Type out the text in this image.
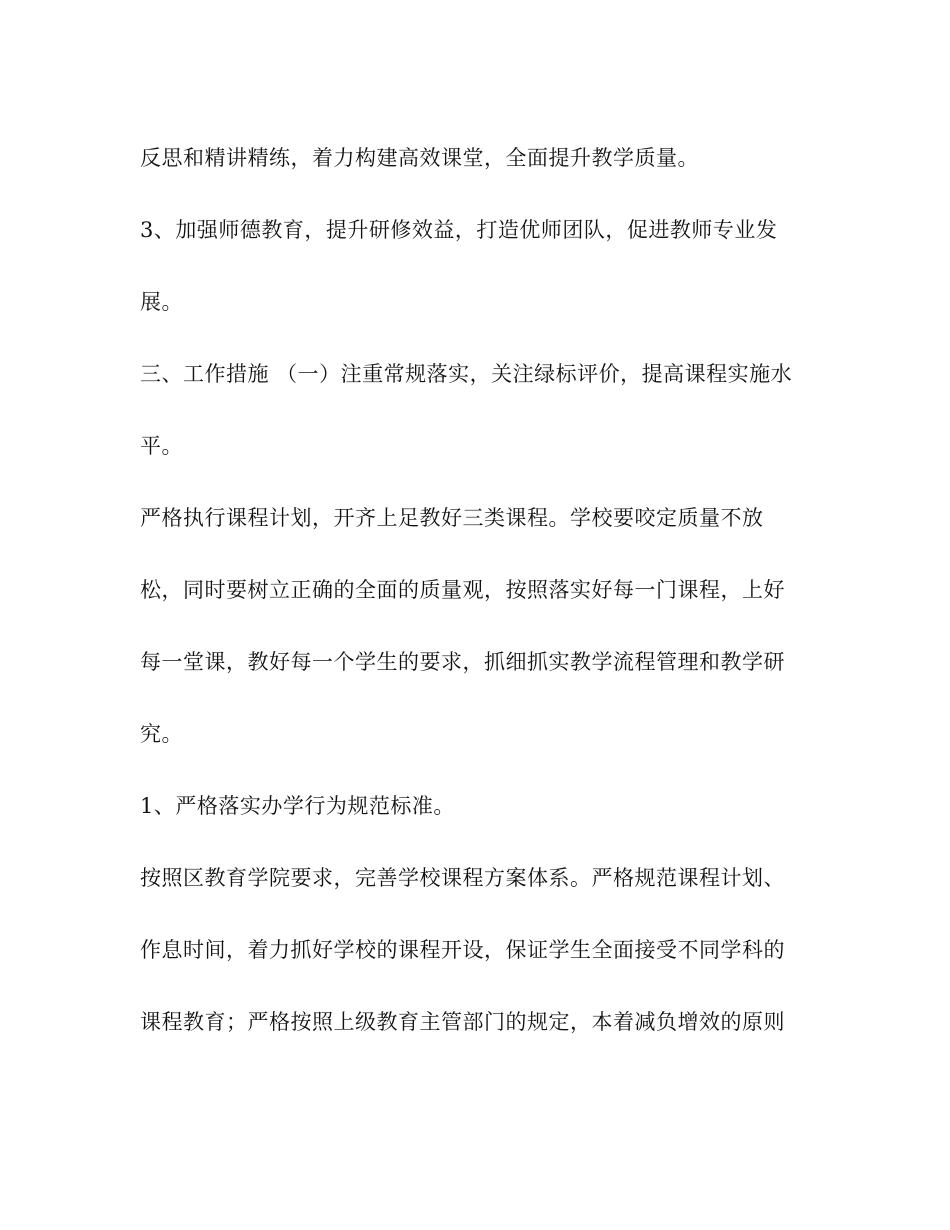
反思和精讲精练，着力构建高效课堂，全面提升教学质量。

3、加强师德教育，提升研修效益，打造优师团队，促进教师专业发

展。

三、工作措施 （一）注重常规落实，关注绿标评价，提高课程实施水

平。

严格执行课程计划，开齐上足教好三类课程。学校要咬定质量不放

松，同时要树立正确的全面的质量观，按照落实好每一门课程，上好

每一堂课，教好每一个学生的要求，抓细抓实教学流程管理和教学研

究。

1、严格落实办学行为规范标准。

按照区教育学院要求，完善学校课程方案体系。严格规范课程计划、

作息时间，着力抓好学校的课程开设，保证学生全面接受不同学科的

课程教育；严格按照上级教育主管部门的规定，本着减负增效的原则
